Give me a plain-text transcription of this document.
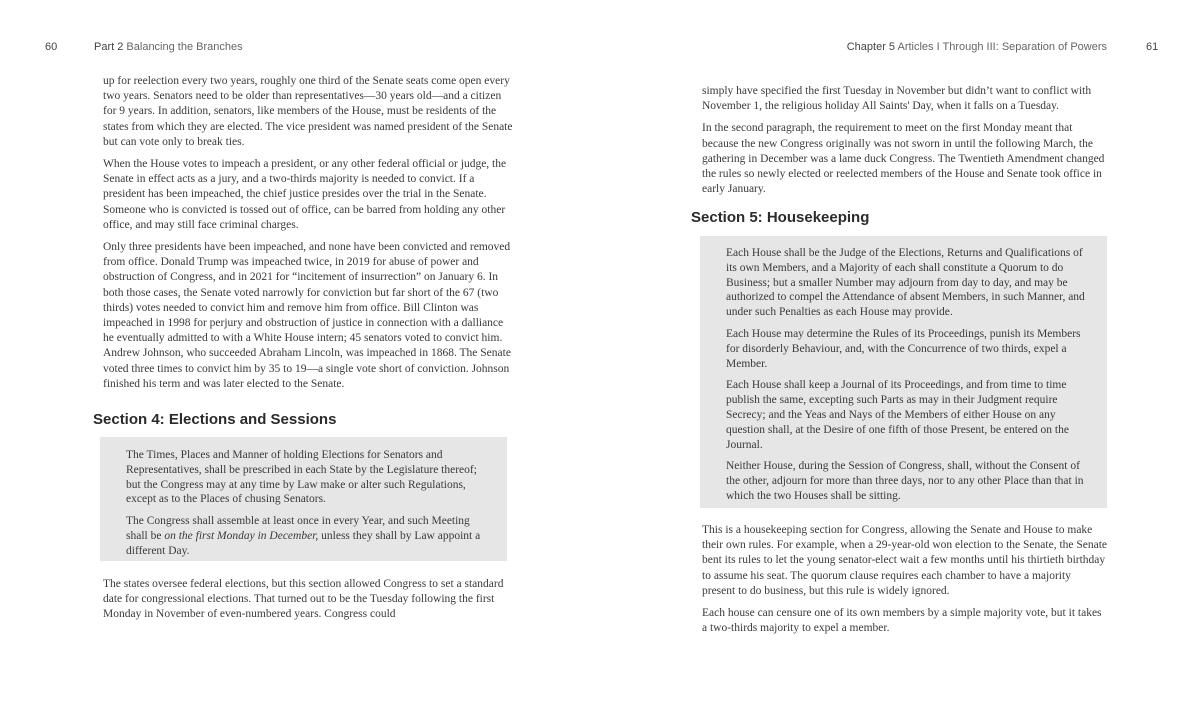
60	Part 2 Balancing the Branches	Chapter 5 Articles I Through III: Separation of Powers	61

up for reelection every two years, roughly one third of the Senate seats come open every two years. Senators need to be older than representatives—30 years old—and a citizen for 9 years. In addition, senators, like members of the House, must be residents of the states from which they are elected. The vice president was named president of the Senate but can vote only to break ties.

When the House votes to impeach a president, or any other federal official or judge, the Senate in effect acts as a jury, and a two-thirds majority is needed to convict. If a president has been impeached, the chief justice presides over the trial in the Senate. Someone who is convicted is tossed out of office, can be barred from holding any other office, and may still face criminal charges.

Only three presidents have been impeached, and none have been convicted and removed from office. Donald Trump was impeached twice, in 2019 for abuse of power and obstruction of Congress, and in 2021 for “incitement of insurrection” on January 6. In both those cases, the Senate voted narrowly for conviction but far short of the 67 (two thirds) votes needed to convict him and remove him from office. Bill Clinton was impeached in 1998 for perjury and obstruction of justice in connection with a dalliance he eventually admitted to with a White House intern; 45 senators voted to convict him. Andrew Johnson, who succeeded Abraham Lincoln, was impeached in 1868. The Senate voted three times to convict him by 35 to 19—a single vote short of conviction. Johnson finished his term and was later elected to the Senate.

Section 4: Elections and Sessions

The Times, Places and Manner of holding Elections for Senators and Representatives, shall be prescribed in each State by the Legislature thereof; but the Congress may at any time by Law make or alter such Regulations, except as to the Places of chusing Senators.

The Congress shall assemble at least once in every Year, and such Meeting shall be on the first Monday in December, unless they shall by Law appoint a different Day.

The states oversee federal elections, but this section allowed Congress to set a standard date for congressional elections. That turned out to be the Tuesday following the first Monday in November of even-numbered years. Congress could

simply have specified the first Tuesday in November but didn’t want to conflict with November 1, the religious holiday All Saints' Day, when it falls on a Tuesday.

In the second paragraph, the requirement to meet on the first Monday meant that because the new Congress originally was not sworn in until the following March, the gathering in December was a lame duck Congress. The Twentieth Amendment changed the rules so newly elected or reelected members of the House and Senate took office in early January.

Section 5: Housekeeping

Each House shall be the Judge of the Elections, Returns and Qualifications of its own Members, and a Majority of each shall constitute a Quorum to do Business; but a smaller Number may adjourn from day to day, and may be authorized to compel the Attendance of absent Members, in such Manner, and under such Penalties as each House may provide.

Each House may determine the Rules of its Proceedings, punish its Members for disorderly Behaviour, and, with the Concurrence of two thirds, expel a Member.

Each House shall keep a Journal of its Proceedings, and from time to time publish the same, excepting such Parts as may in their Judgment require Secrecy; and the Yeas and Nays of the Members of either House on any question shall, at the Desire of one fifth of those Present, be entered on the Journal.

Neither House, during the Session of Congress, shall, without the Consent of the other, adjourn for more than three days, nor to any other Place than that in which the two Houses shall be sitting.

This is a housekeeping section for Congress, allowing the Senate and House to make their own rules. For example, when a 29-year-old won election to the Senate, the Senate bent its rules to let the young senator-elect wait a few months until his thirtieth birthday to assume his seat. The quorum clause requires each chamber to have a majority present to do business, but this rule is widely ignored.

Each house can censure one of its own members by a simple majority vote, but it takes a two-thirds majority to expel a member.
